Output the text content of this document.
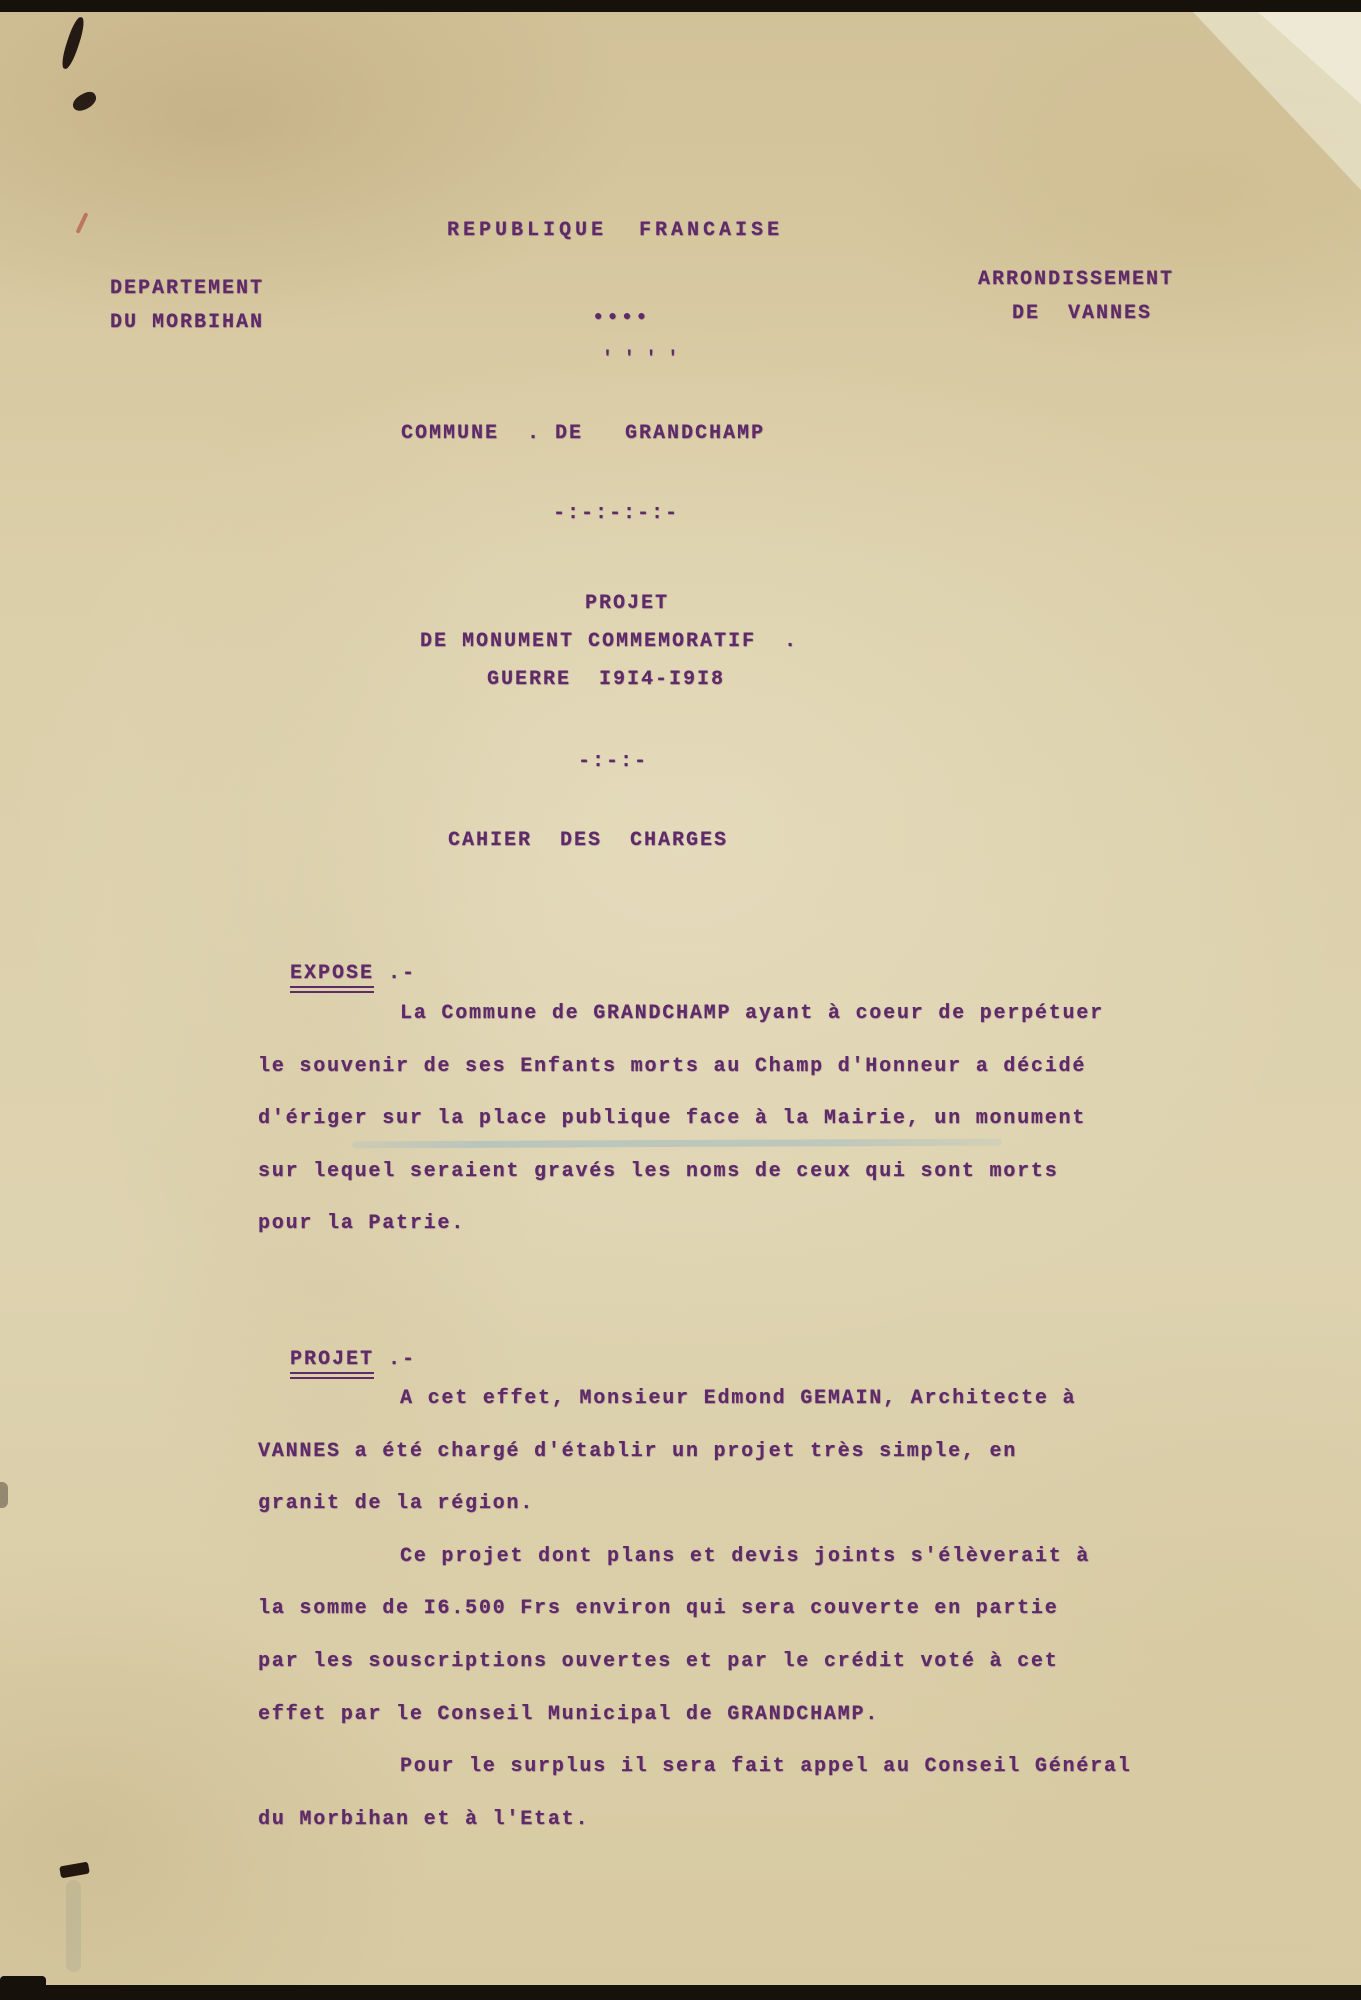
REPUBLIQUE  FRANCAISE
DEPARTEMENT
DU MORBIHAN
ARRONDISSEMENT
DE  VANNES
●●●●
''''
COMMUNE  . DE   GRANDCHAMP
-:-:-:-:-
PROJET
DE MONUMENT COMMEMORATIF  .
GUERRE  I9I4-I9I8
-:-:-
CAHIER  DES  CHARGES

EXPOSE .-

La Commune de GRANDCHAMP ayant à coeur de perpétuer
le souvenir de ses Enfants morts au Champ d'Honneur a décidé
d'ériger sur la place publique face à la Mairie, un monument
sur lequel seraient gravés les noms de ceux qui sont morts
pour la Patrie.

PROJET .-

A cet effet, Monsieur Edmond GEMAIN, Architecte à
VANNES a été chargé d'établir un projet très simple, en
granit de la région.
Ce projet dont plans et devis joints s'élèverait à
la somme de I6.500 Frs environ qui sera couverte en partie
par les souscriptions ouvertes et par le crédit voté à cet
effet par le Conseil Municipal de GRANDCHAMP.
Pour le surplus il sera fait appel au Conseil Général
du Morbihan et à l'Etat.
